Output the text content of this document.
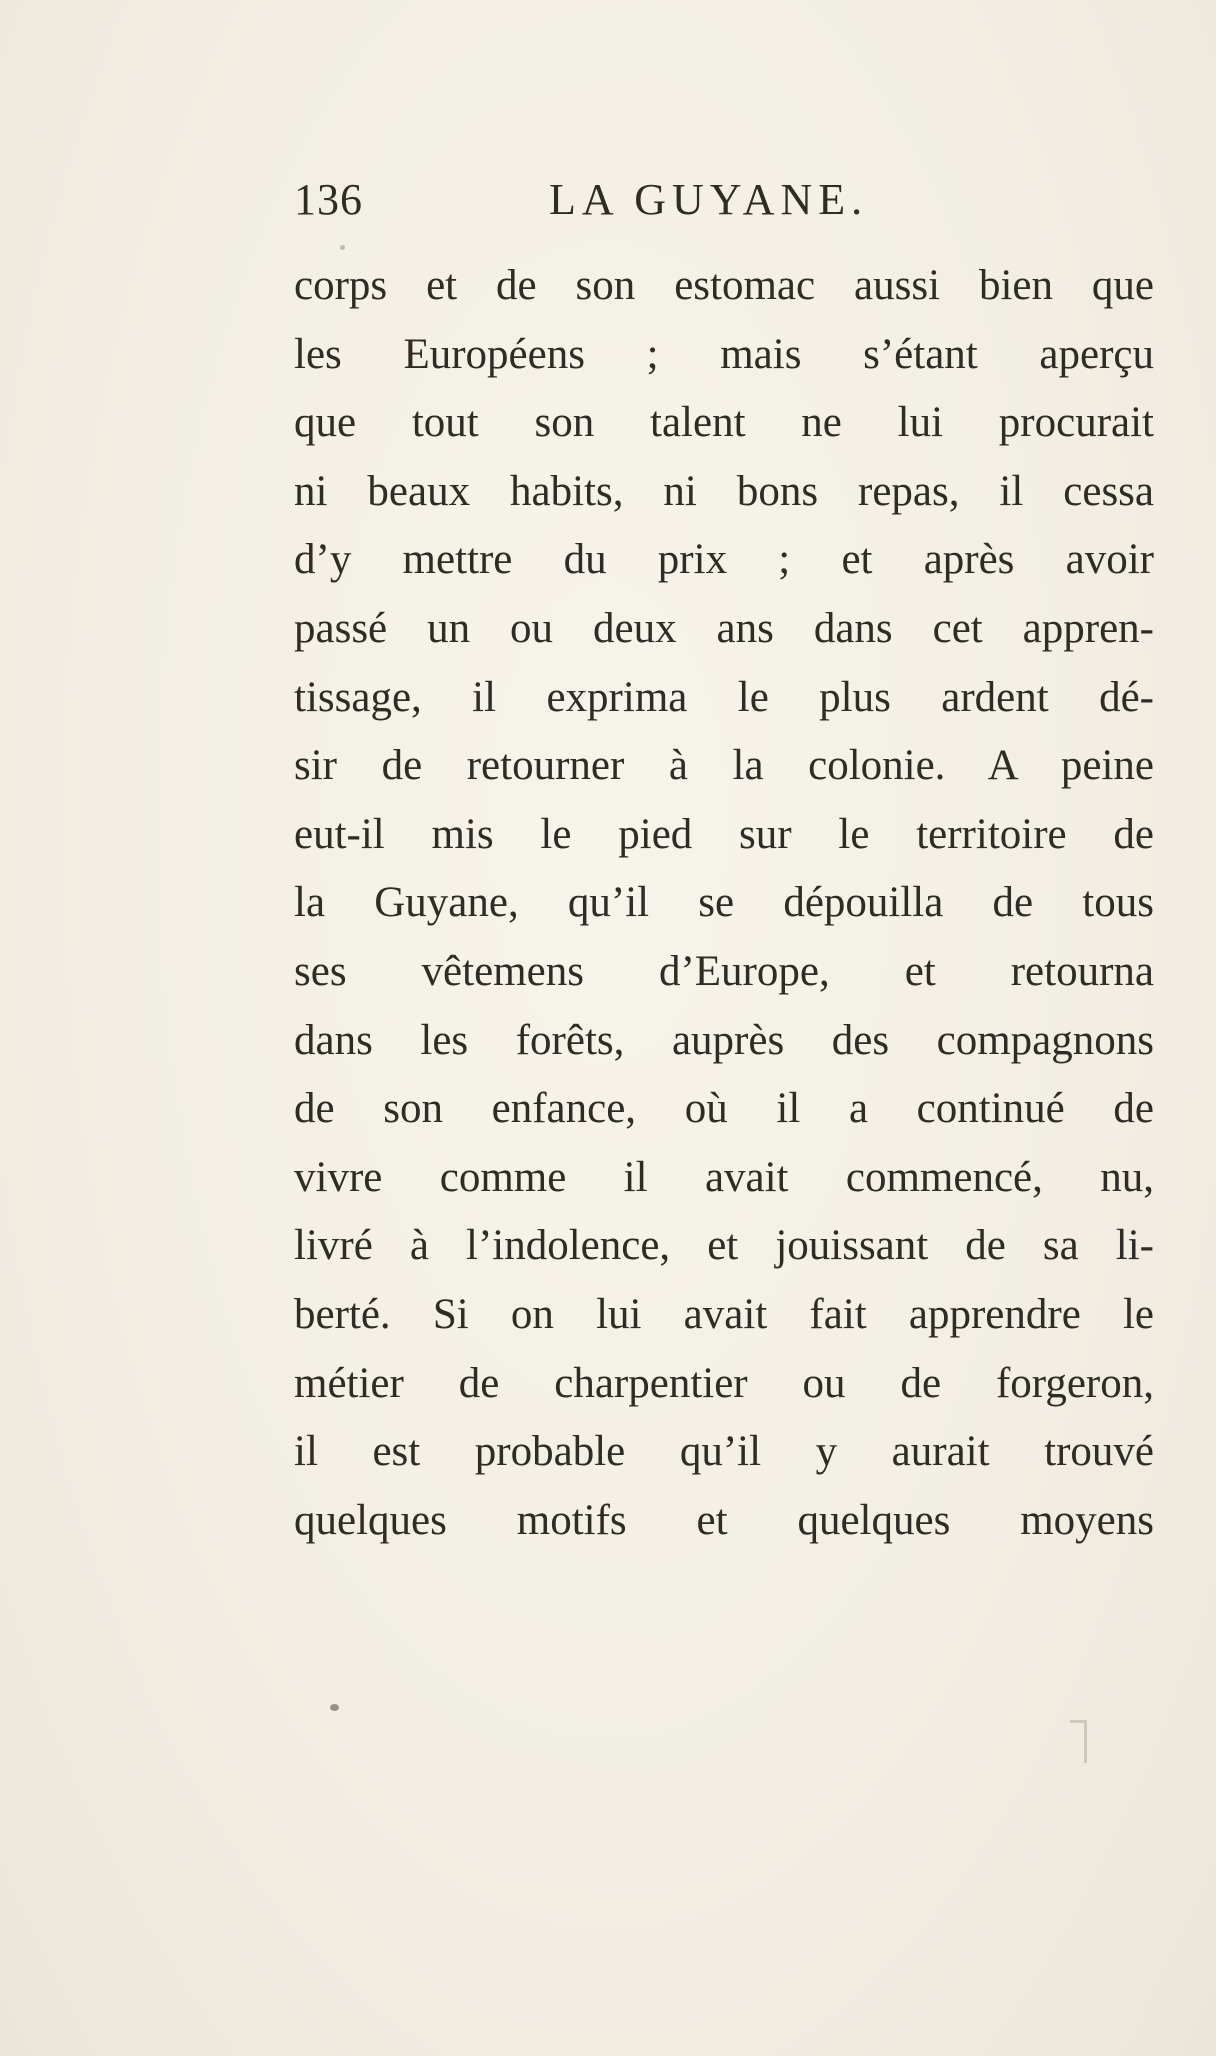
136	LA GUYANE.
corps et de son estomac aussi bien que
les Européens ; mais s’étant aperçu
que tout son talent ne lui procurait
ni beaux habits, ni bons repas, il cessa
d’y mettre du prix ; et après avoir
passé un ou deux ans dans cet appren-
tissage, il exprima le plus ardent dé-
sir de retourner à la colonie. A peine
eut-il mis le pied sur le territoire de
la Guyane, qu’il se dépouilla de tous
ses vêtemens d’Europe, et retourna
dans les forêts, auprès des compagnons
de son enfance, où il a continué de
vivre comme il avait commencé, nu,
livré à l’indolence, et jouissant de sa li-
berté. Si on lui avait fait apprendre le
métier de charpentier ou de forgeron,
il est probable qu’il y aurait trouvé
quelques motifs et quelques moyens
